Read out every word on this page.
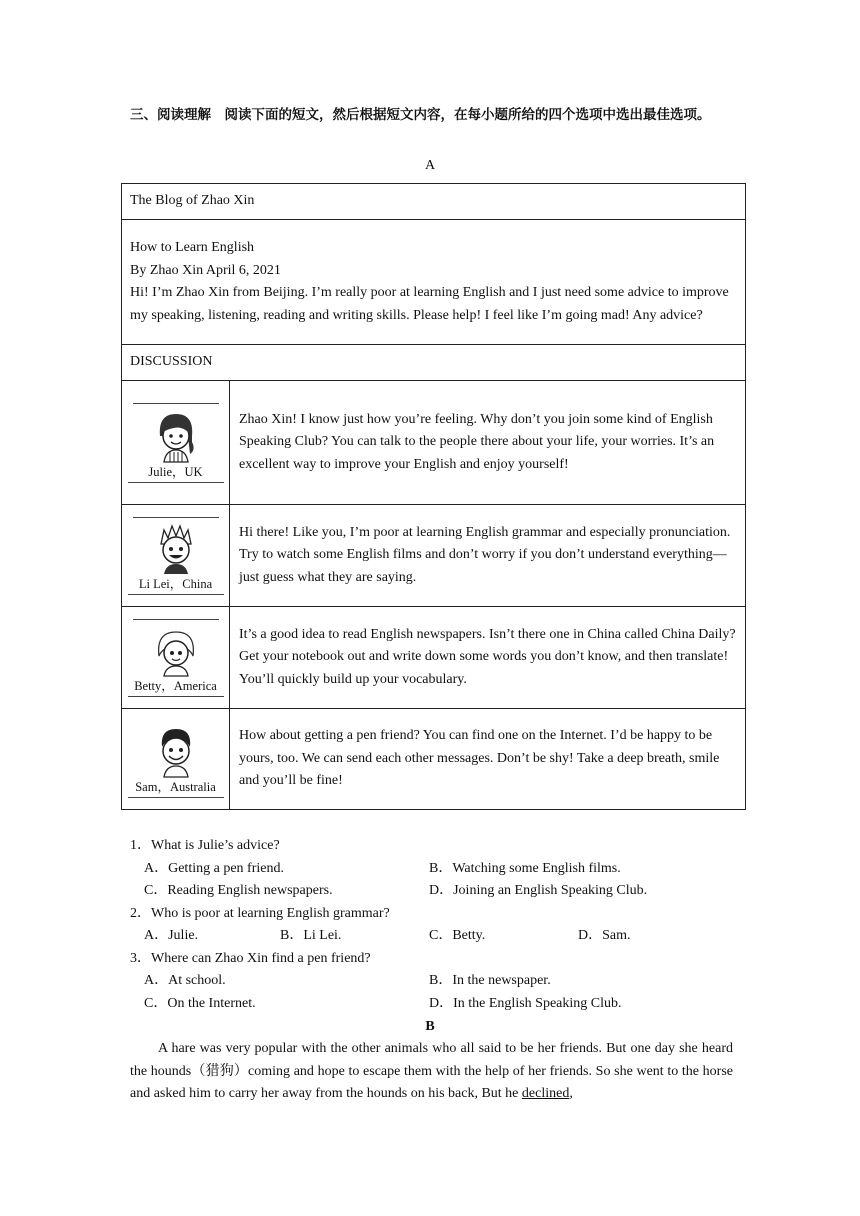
三、阅读理解　阅读下面的短文，然后根据短文内容，在每小题所给的四个选项中选出最佳选项。
A
The Blog of Zhao Xin	

How to Learn English
By Zhao Xin April 6, 2021
Hi! I’m Zhao Xin from Beijing. I’m really poor at learning English and I just need some advice to improve my speaking, listening, reading and writing skills. Please help! I feel like I’m going mad! Any advice?	

DISCUSSION	

Julie，UK	Zhao Xin! I know just how you’re feeling. Why don’t you join some kind of English Speaking Club? You can talk to the people there about your life, your worries. It’s an excellent way to improve your English and enjoy yourself!

Li Lei，China	Hi there! Like you, I’m poor at learning English grammar and especially pronunciation. Try to watch some English films and don’t worry if you don’t understand everything—just guess what they are saying.

Betty，America	It’s a good idea to read English newspapers. Isn’t there one in China called China Daily? Get your notebook out and write down some words you don’t know, and then translate! You’ll quickly build up your vocabulary.

Sam，Australia	How about getting a pen friend? You can find one on the Internet. I’d be happy to be yours, too. We can send each other messages. Don’t be shy! Take a deep breath, smile and you’ll be fine!
1．What is Julie’s advice?
A．Getting a pen friend.	B．Watching some English films.
C．Reading English newspapers.	D．Joining an English Speaking Club.
2．Who is poor at learning English grammar?
A．Julie.	B．Li Lei.	C．Betty.	D．Sam.
3．Where can Zhao Xin find a pen friend?
A．At school.	B．In the newspaper.
C．On the Internet.	D．In the English Speaking Club.
B

A hare was very popular with the other animals who all said to be her friends. But one day she heard the hounds（猎狗）coming and hope to escape them with the help of her friends. So she went to the horse and asked him to carry her away from the hounds on his back, But he declined,
